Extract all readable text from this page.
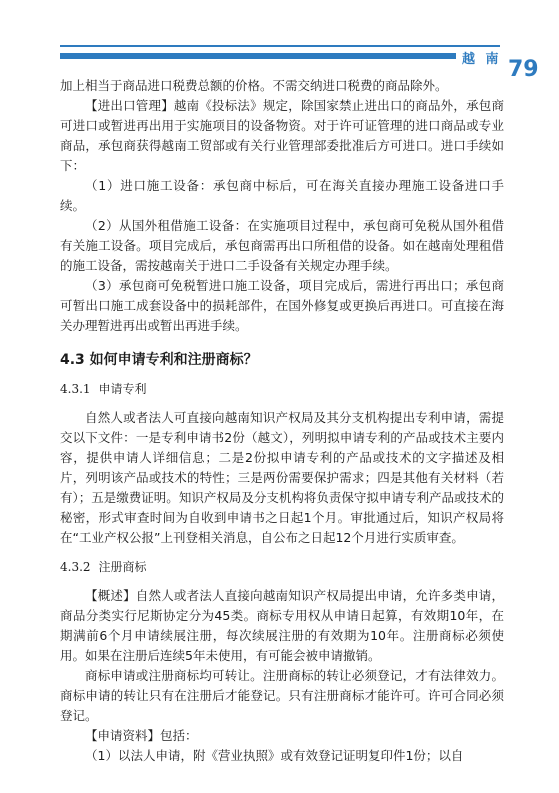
越 南 79

加上相当于商品进口税费总额的价格。不需交纳进口税费的商品除外。

【进出口管理】越南《投标法》规定，除国家禁止进出口的商品外，承包商可进口或暂进再出用于实施项目的设备物资。对于许可证管理的进口商品或专业商品，承包商获得越南工贸部或有关行业管理部委批准后方可进口。进口手续如下：

（1）进口施工设备：承包商中标后，可在海关直接办理施工设备进口手续。

（2）从国外租借施工设备：在实施项目过程中，承包商可免税从国外租借有关施工设备。项目完成后，承包商需再出口所租借的设备。如在越南处理租借的施工设备，需按越南关于进口二手设备有关规定办理手续。

（3）承包商可免税暂进口施工设备，项目完成后，需进行再出口；承包商可暂出口施工成套设备中的损耗部件，在国外修复或更换后再进口。可直接在海关办理暂进再出或暂出再进手续。

4.3 如何申请专利和注册商标？
4.3.1 申请专利

自然人或者法人可直接向越南知识产权局及其分支机构提出专利申请，需提交以下文件：一是专利申请书2份（越文），列明拟申请专利的产品或技术主要内容，提供申请人详细信息；二是2份拟申请专利的产品或技术的文字描述及相片，列明该产品或技术的特性；三是两份需要保护需求；四是其他有关材料（若有）；五是缴费证明。知识产权局及分支机构将负责保守拟申请专利产品或技术的秘密，形式审查时间为自收到申请书之日起1个月。审批通过后，知识产权局将在“工业产权公报”上刊登相关消息，自公布之日起12个月进行实质审查。

4.3.2 注册商标

【概述】自然人或者法人直接向越南知识产权局提出申请，允许多类申请，商品分类实行尼斯协定分为45类。商标专用权从申请日起算，有效期10年，在期满前6个月申请续展注册，每次续展注册的有效期为10年。注册商标必须使用。如果在注册后连续5年未使用，有可能会被申请撤销。

商标申请或注册商标均可转让。注册商标的转让必须登记，才有法律效力。商标申请的转让只有在注册后才能登记。只有注册商标才能许可。许可合同必须登记。

【申请资料】包括：

（1）以法人申请，附《营业执照》或有效登记证明复印件1份；以自
